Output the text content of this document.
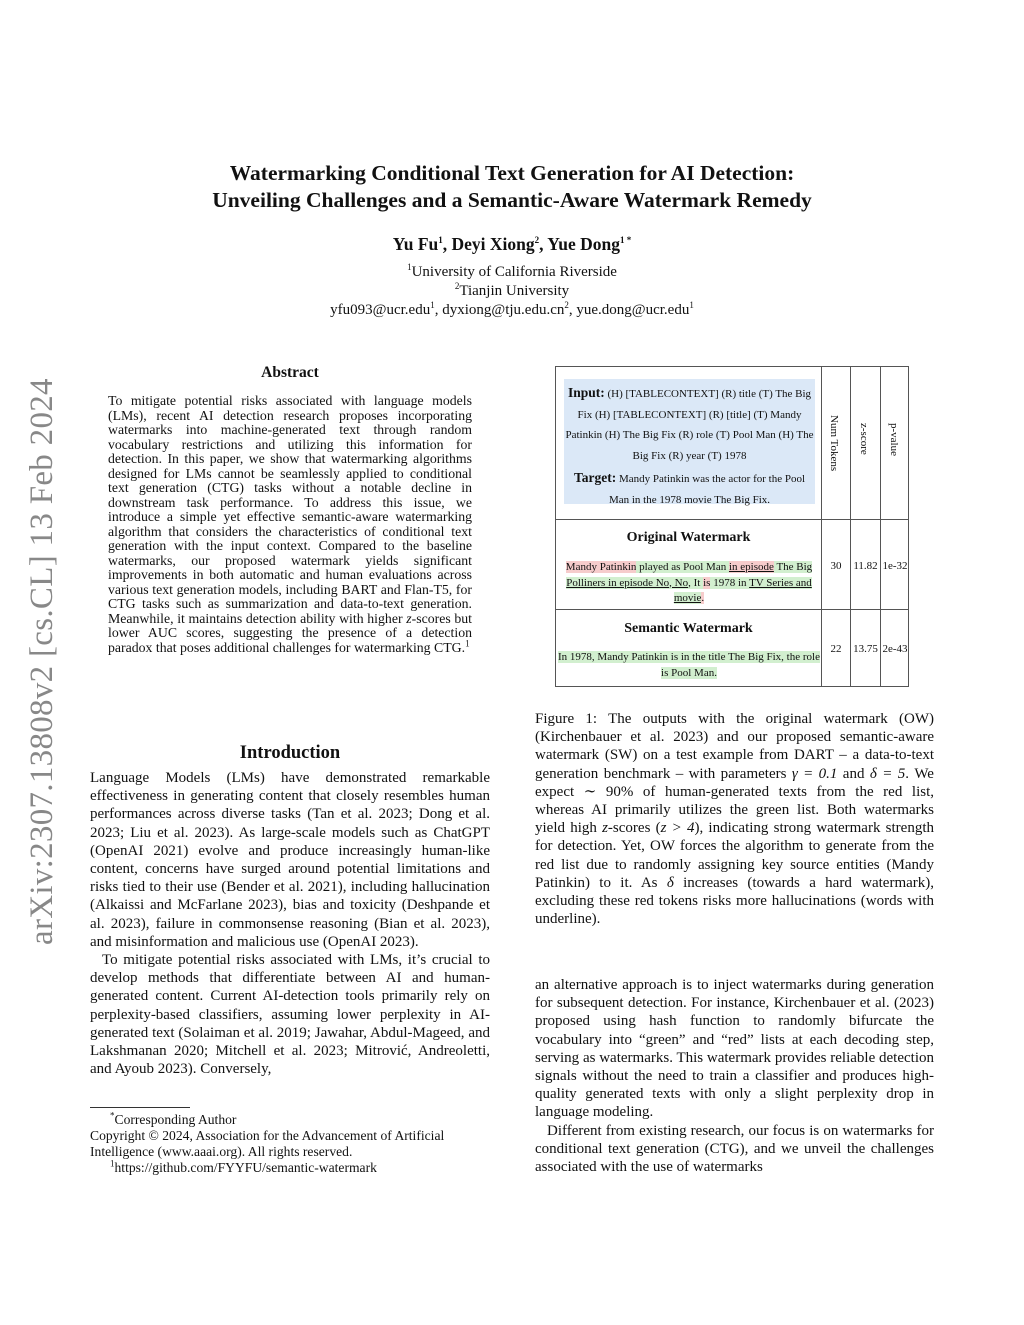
Watermarking Conditional Text Generation for AI Detection:
Unveiling Challenges and a Semantic-Aware Watermark Remedy
Yu Fu$^1$, Deyi Xiong$^2$, Yue Dong$^{1 *}$
$^1$University of California Riverside
$^2$Tianjin University
yfu093@ucr.edu$^1$, $dyxiong@tju.edu.cn^2$, yue.dong@ucr.edu$^1$
arXiv:2307.13808v2 [cs.CL] 13 Feb 2024
Abstract
To mitigate potential risks associated with language models (LMs), recent AI detection research proposes incorporating watermarks into machine-generated text through random vocabulary restrictions and utilizing this information for detection. In this paper, we show that watermarking algorithms designed for LMs cannot be seamlessly applied to conditional text generation (CTG) tasks without a notable decline in downstream task performance. To address this issue, we introduce a simple yet effective semantic-aware watermarking algorithm that considers the characteristics of conditional text generation with the input context. Compared to the baseline watermarks, our proposed watermark yields significant improvements in both automatic and human evaluations across various text generation models, including BART and Flan-T5, for CTG tasks such as summarization and data-to-text generation. Meanwhile, it maintains detection ability with higher z-scores but lower AUC scores, suggesting the presence of a detection paradox that poses additional challenges for watermarking CTG.$^1$
Introduction

Language Models (LMs) have demonstrated remarkable effectiveness in generating content that closely resembles human performances across diverse tasks (Tan et al. 2023; Dong et al. 2023; Liu et al. 2023). As large-scale models such as ChatGPT (OpenAI 2021) evolve and produce increasingly human-like content, concerns have surged around potential limitations and risks tied to their use (Bender et al. 2021), including hallucination (Alkaissi and McFarlane 2023), bias and toxicity (Deshpande et al. 2023), failure in commonsense reasoning (Bian et al. 2023), and misinformation and malicious use (OpenAI 2023).

To mitigate potential risks associated with LMs, it’s crucial to develop methods that differentiate between AI and human-generated content. Current AI-detection tools primarily rely on perplexity-based classifiers, assuming lower perplexity in AI-generated text (Solaiman et al. 2019; Jawahar, Abdul-Mageed, and Lakshmanan 2020; Mitchell et al. 2023; Mitrović, Andreoletti, and Ayoub 2023). Conversely,

*Corresponding Author
Copyright © 2024, Association for the Advancement of Artificial Intelligence (www.aaai.org). All rights reserved.
$^1$https://github.com/FYYFU/semantic-watermark
Input: (H) [TABLECONTEXT] (R) title (T) The Big Fix (H) [TABLECONTEXT] (R) [title] (T) Mandy Patinkin (H) The Big Fix (R) role (T) Pool Man (H) The Big Fix (R) year (T) 1978
Target: Mandy Patinkin was the actor for the Pool Man in the 1978 movie The Big Fix.
Num Tokens z-score p-value
Original Watermark
Mandy Patinkin played as Pool Man in episode The Big Polliners in episode No, No, It is 1978 in TV Series and movie.
30	11.82 1e-32
Semantic Watermark
In 1978, Mandy Patinkin is in the title The Big Fix, the role is Pool Man.
22	13.75 2e-43
Figure 1: The outputs with the original watermark (OW) (Kirchenbauer et al. 2023) and our proposed semantic-aware watermark (SW) on a test example from DART – a data-to-text generation benchmark – with parameters γ = 0.1 and δ = 5. We expect ∼ 90% of human-generated texts from the red list, whereas AI primarily utilizes the green list. Both watermarks yield high z-scores (z > 4), indicating strong watermark strength for detection. Yet, OW forces the algorithm to generate from the red list due to randomly assigning key source entities (Mandy Patinkin) to it. As δ increases (towards a hard watermark), excluding these red tokens risks more hallucinations (words with underline).

an alternative approach is to inject watermarks during generation for subsequent detection. For instance, Kirchenbauer et al. (2023) proposed using hash function to randomly bifurcate the vocabulary into “green” and “red” lists at each decoding step, serving as watermarks. This watermark provides reliable detection signals without the need to train a classifier and produces high-quality generated texts with only a slight perplexity drop in language modeling.

Different from existing research, our focus is on watermarks for conditional text generation (CTG), and we unveil the challenges associated with the use of watermarks
